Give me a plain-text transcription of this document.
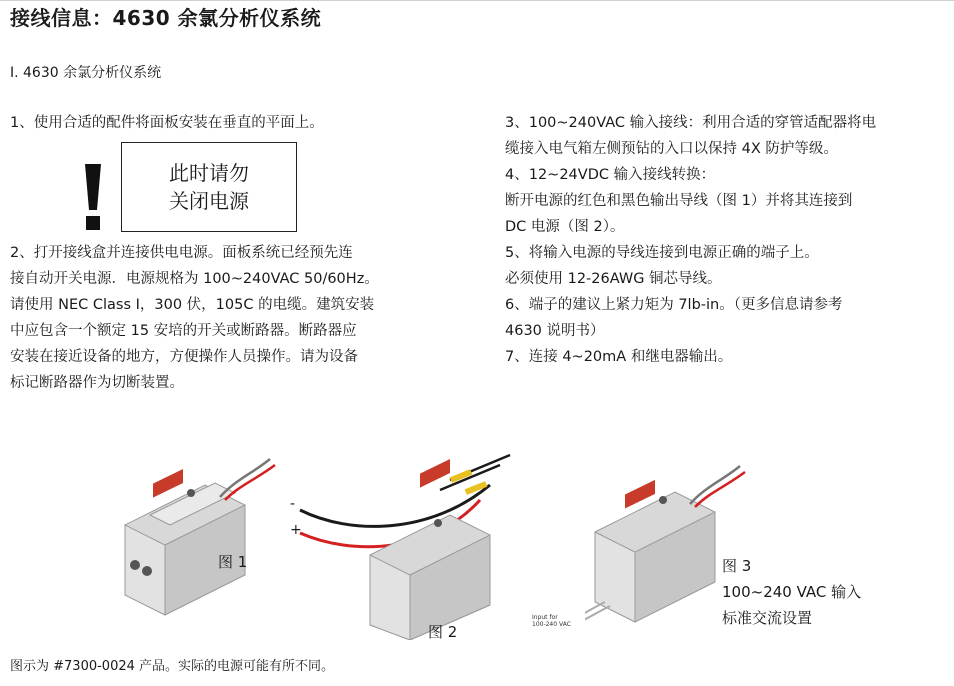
接线信息：4630 余氯分析仪系统
I. 4630 余氯分析仪系统
1、使用合适的配件将面板安装在垂直的平面上。
此时请勿
关闭电源
2、打开接线盒并连接供电电源。面板系统已经预先连
接自动开关电源．电源规格为 100~240VAC 50/60Hz。
请使用 NEC Class I，300 伏，105C 的电缆。建筑安装
中应包含一个额定 15 安培的开关或断路器。断路器应
安装在接近设备的地方，方便操作人员操作。请为设备
标记断路器作为切断装置。
3、100~240VAC 输入接线：利用合适的穿管适配器将电
缆接入电气箱左侧预钻的入口以保持 4X 防护等级。
4、12~24VDC 输入接线转换：
断开电源的红色和黑色输出导线（图 1）并将其连接到
DC 电源（图 2）。
5、将输入电源的导线连接到电源正确的端子上。
必须使用 12-26AWG 铜芯导线。
6、端子的建议上紧力矩为 7lb-in。（更多信息请参考
4630 说明书）
7、连接 4~20mA 和继电器输出。
图 1
-
+
图 2
Input for
100-240 VAC
图 3
100~240 VAC 输入
标准交流设置
图示为 #7300-0024 产品。实际的电源可能有所不同。
